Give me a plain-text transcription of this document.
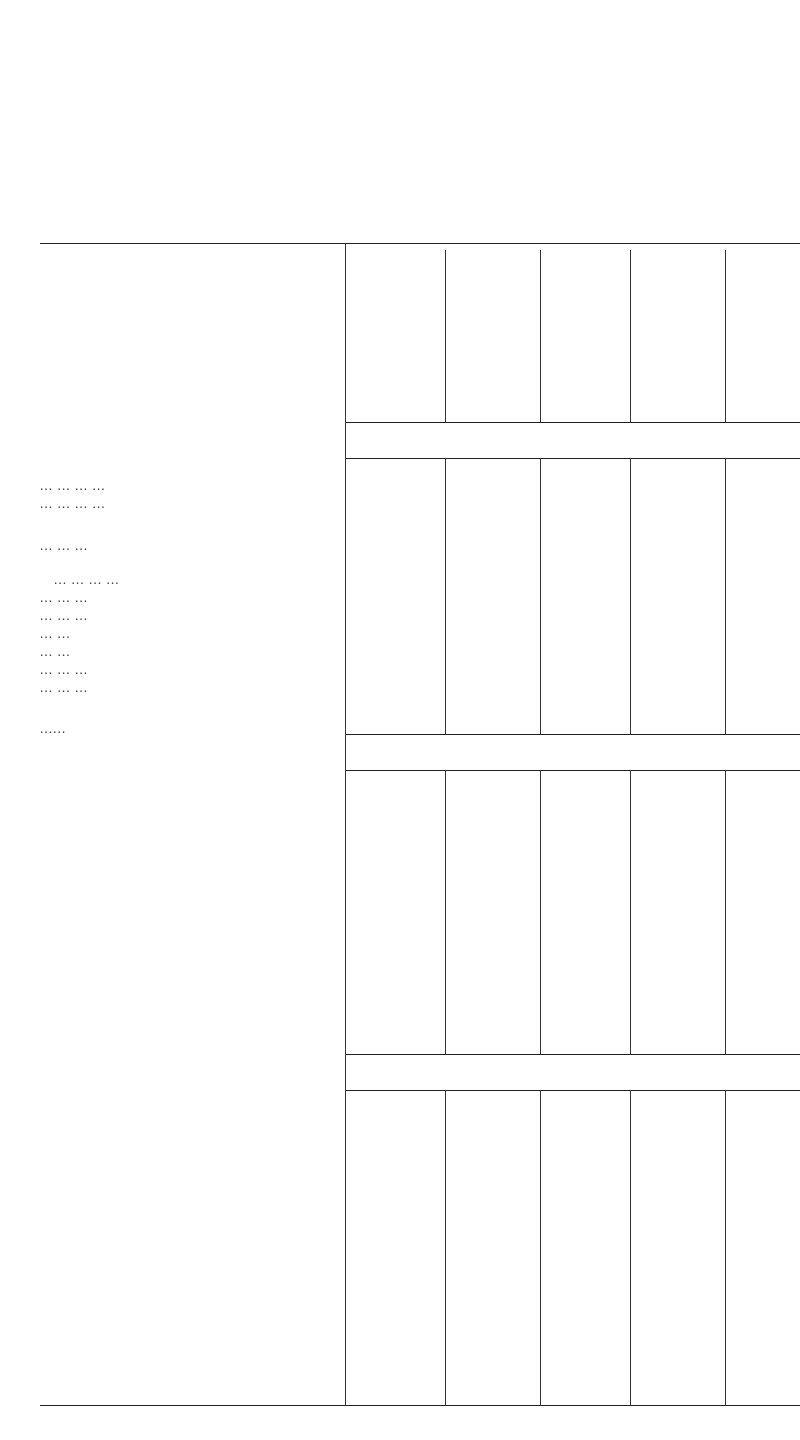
... ... ... ...
... ... ... ...
... ... ...
... ... ... ...
... ... ...
... ... ...
... ...
... ...
... ... ...
... ... ...
......
